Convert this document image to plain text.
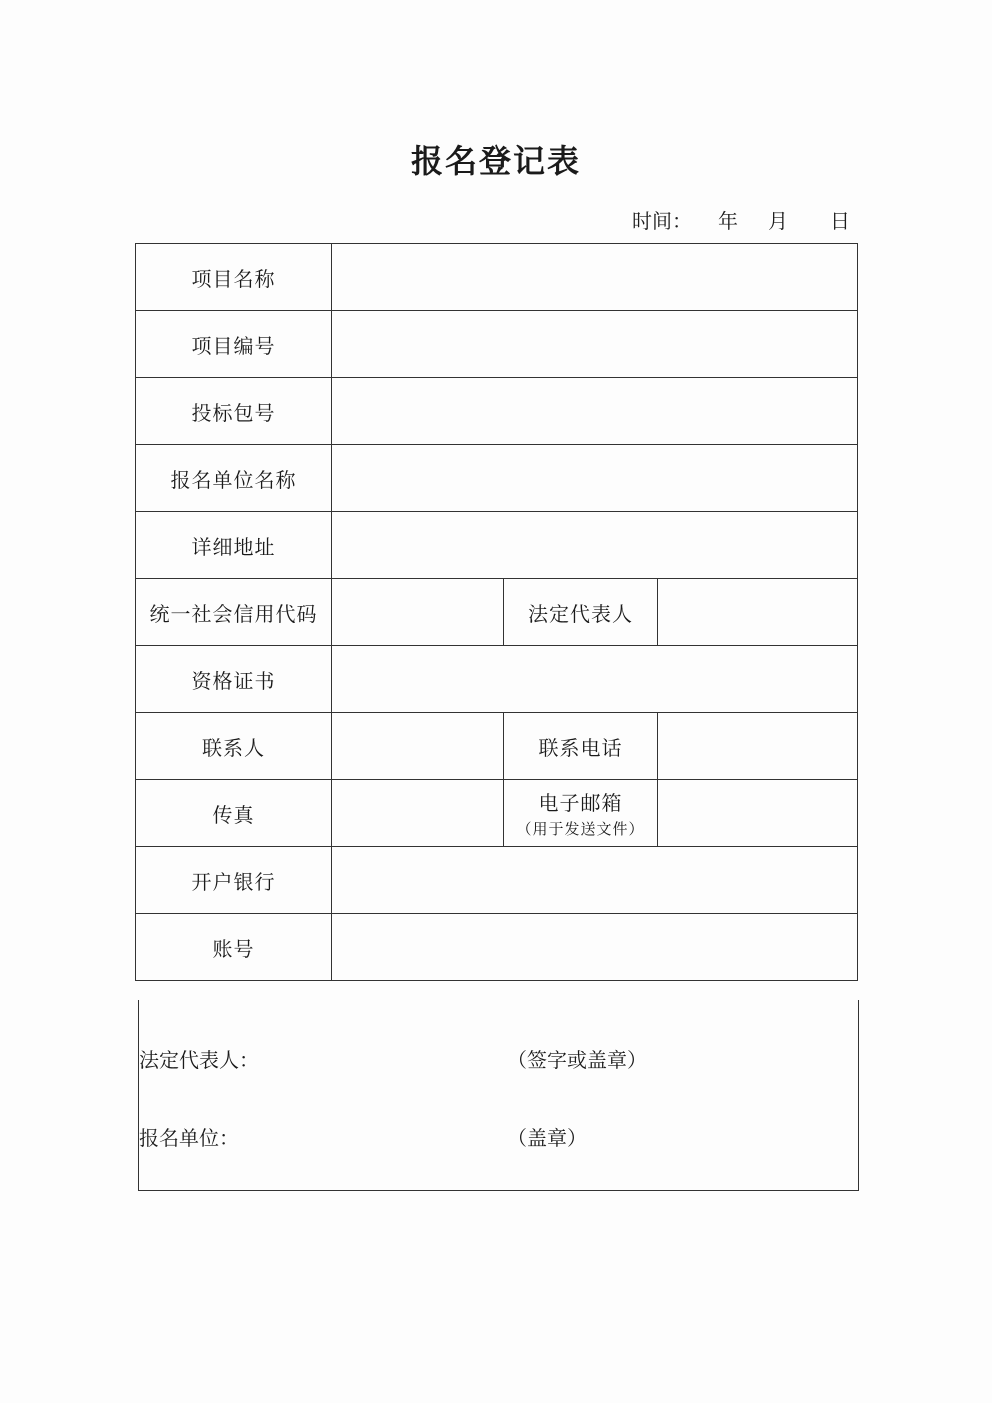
报名登记表
时间： 年 月 日
项目名称			
项目编号			
投标包号			
报名单位名称			
详细地址			
统一社会信用代码		法定代表人	
资格证书			
联系人		联系电话	
传真		电子邮箱
（用于发送文件）	

开户银行			
账号			
法定代表人：	（签字或盖章）
报名单位：	（盖章）
